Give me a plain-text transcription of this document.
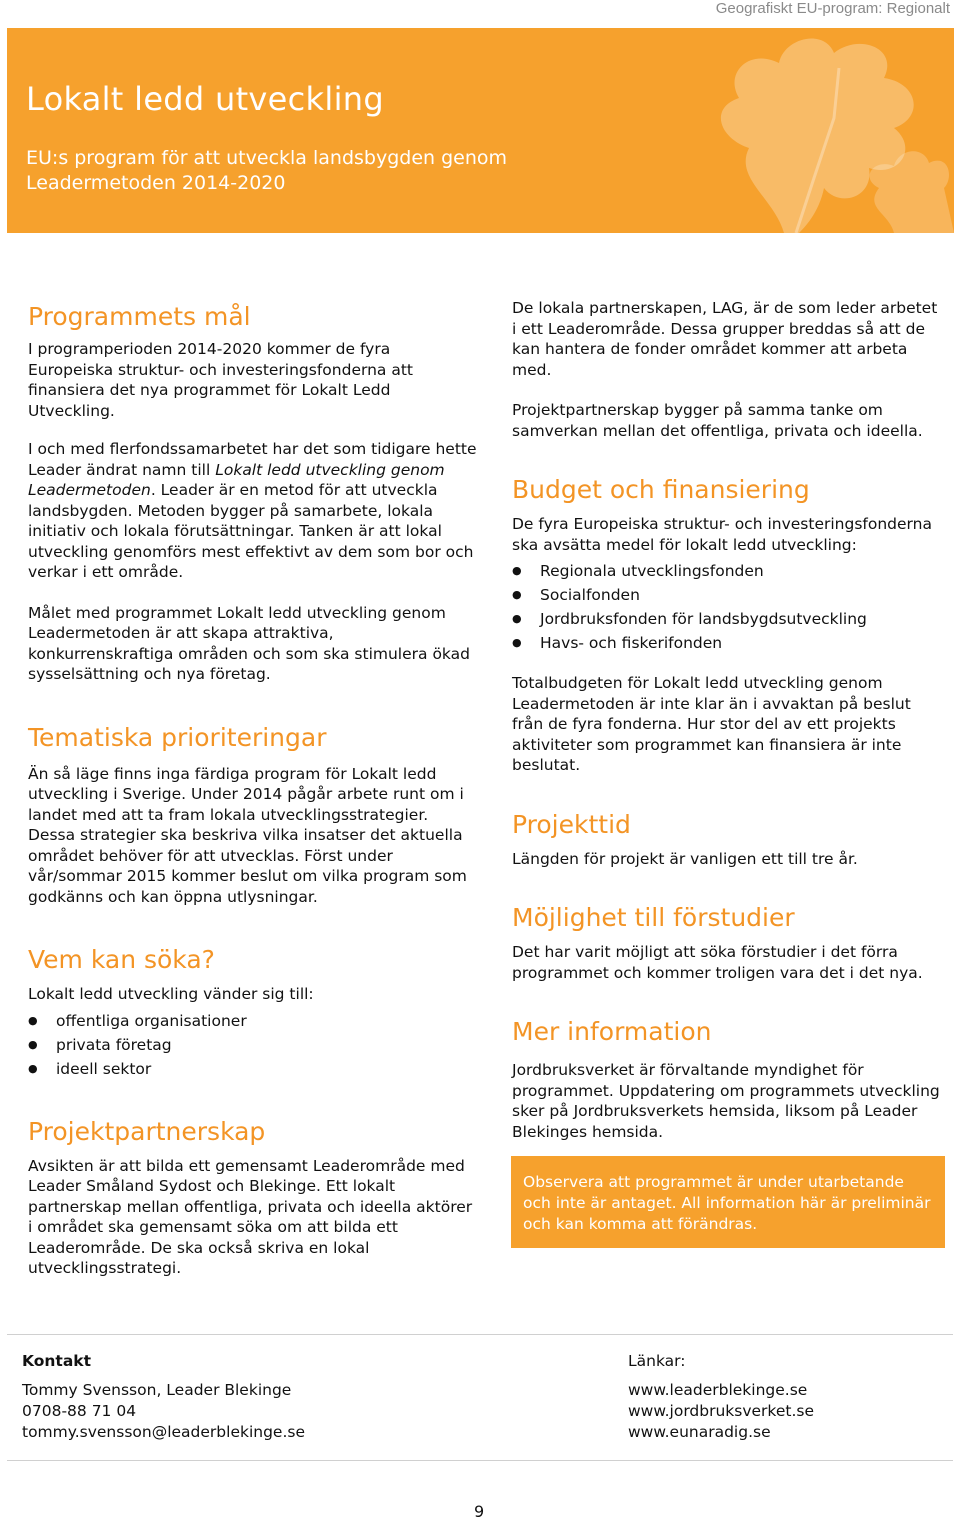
Geografiskt EU-program: Regionalt
Lokalt ledd utveckling
EU:s program för att utveckla landsbygden genom Leadermetoden 2014-2020
Programmets mål

I programperioden 2014-2020 kommer de fyra Europeiska struktur- och investeringsfonderna att finansiera det nya programmet för Lokalt Ledd Utveckling.

I och med flerfondssamarbetet har det som tidigare hette Leader ändrat namn till Lokalt ledd utveckling genom Leadermetoden. Leader är en metod för att utveckla landsbygden. Metoden bygger på samarbete, lokala initiativ och lokala förutsättningar. Tanken är att lokal utveckling genomförs mest effektivt av dem som bor och verkar i ett område.

Målet med programmet Lokalt ledd utveckling genom Leadermetoden är att skapa attraktiva, konkurrenskraftiga områden och som ska stimulera ökad sysselsättning och nya företag.

Tematiska prioriteringar

Än så läge finns inga färdiga program för Lokalt ledd utveckling i Sverige. Under 2014 pågår arbete runt om i landet med att ta fram lokala utvecklingsstrategier. Dessa strategier ska beskriva vilka insatser det aktuella området behöver för att utvecklas. Först under vår/sommar 2015 kommer beslut om vilka program som godkänns och kan öppna utlysningar.

Vem kan söka?

Lokalt ledd utveckling vänder sig till:

● offentliga organisationer
● privata företag
● ideell sektor
Projektpartnerskap

Avsikten är att bilda ett gemensamt Leaderområde med Leader Småland Sydost och Blekinge. Ett lokalt partnerskap mellan offentliga, privata och ideella aktörer i området ska gemensamt söka om att bilda ett Leaderområde. De ska också skriva en lokal utvecklingsstrategi.

De lokala partnerskapen, LAG, är de som leder arbetet i ett Leaderområde. Dessa grupper breddas så att de kan hantera de fonder området kommer att arbeta med.

Projektpartnerskap bygger på samma tanke om samverkan mellan det offentliga, privata och ideella.

Budget och finansiering

De fyra Europeiska struktur- och investeringsfonderna ska avsätta medel för lokalt ledd utveckling:

● Regionala utvecklingsfonden
● Socialfonden
● Jordbruksfonden för landsbygdsutveckling
● Havs- och fiskerifonden

Totalbudgeten för Lokalt ledd utveckling genom Leadermetoden är inte klar än i avvaktan på beslut från de fyra fonderna. Hur stor del av ett projekts aktiviteter som programmet kan finansiera är inte beslutat.

Projekttid

Längden för projekt är vanligen ett till tre år.

Möjlighet till förstudier

Det har varit möjligt att söka förstudier i det förra programmet och kommer troligen vara det i det nya.

Mer information

Jordbruksverket är förvaltande myndighet för programmet. Uppdatering om programmets utveckling sker på Jordbruksverkets hemsida, liksom på Leader Blekinges hemsida.

Observera att programmet är under utarbetande och inte är antaget. All information här är preliminär och kan komma att förändras.

Kontakt

Tommy Svensson, Leader Blekinge

0708-88 71 04

tommy.svensson@leaderblekinge.se

Länkar:

www.leaderblekinge.se

www.jordbruksverket.se

www.eunaradig.se

9
